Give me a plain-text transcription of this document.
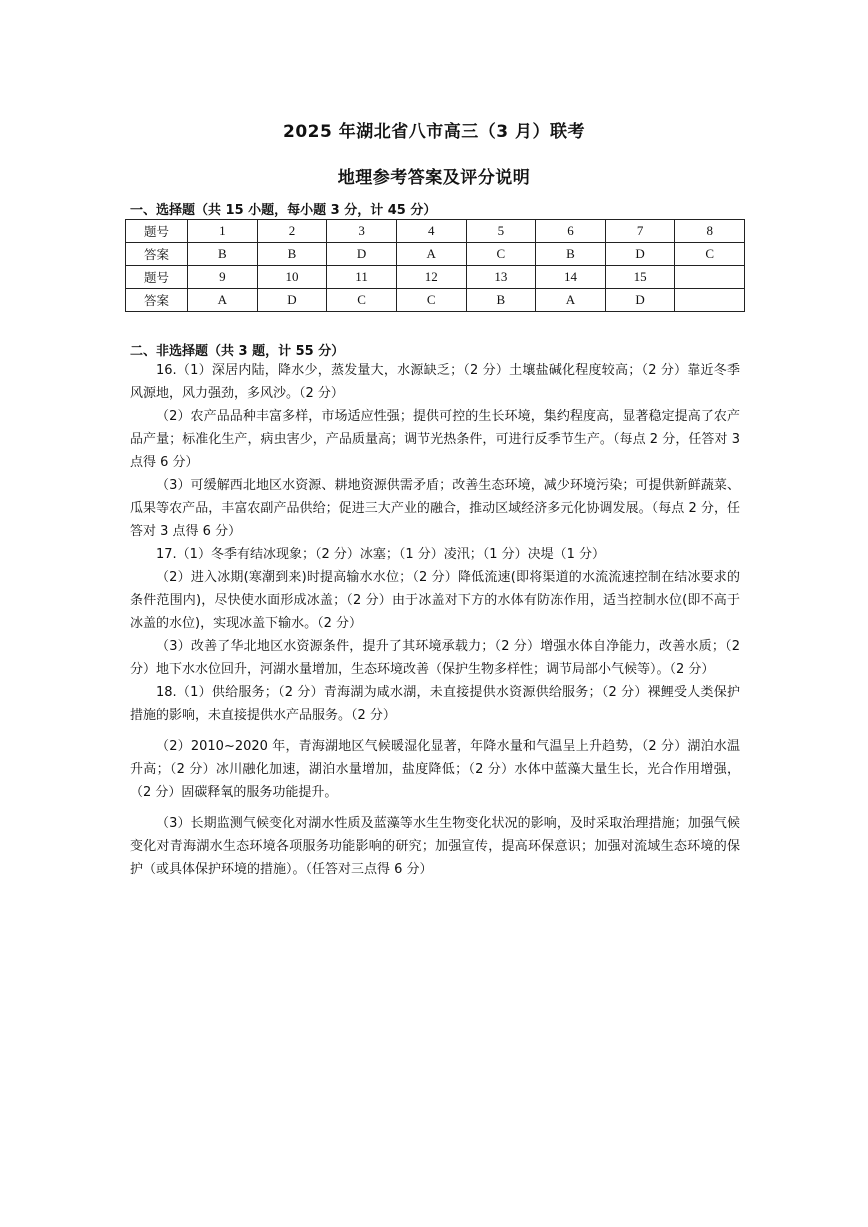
2025 年湖北省八市高三（3 月）联考
地理参考答案及评分说明
一、选择题（共 15 小题，每小题 3 分，计 45 分）
题号	1	2	3	4	5	6	7	8
答案	B	B	D	A	C	B	D	C
题号	9	10	11	12	13	14	15	
答案	A	D	C	C	B	A	D	
二、非选择题（共 3 题，计 55 分）

16.（1）深居内陆，降水少，蒸发量大，水源缺乏；（2 分）土壤盐碱化程度较高；（2 分）靠近冬季风源地，风力强劲，多风沙。（2 分）

（2）农产品品种丰富多样，市场适应性强；提供可控的生长环境，集约程度高，显著稳定提高了农产品产量；标准化生产，病虫害少，产品质量高；调节光热条件，可进行反季节生产。（每点 2 分，任答对 3 点得 6 分）

（3）可缓解西北地区水资源、耕地资源供需矛盾；改善生态环境，减少环境污染；可提供新鲜蔬菜、瓜果等农产品，丰富农副产品供给；促进三大产业的融合，推动区域经济多元化协调发展。（每点 2 分，任答对 3 点得 6 分）

17.（1）冬季有结冰现象；（2 分）冰塞；（1 分）凌汛；（1 分）决堤（1 分）

（2）进入冰期(寒潮到来)时提高输水水位；（2 分）降低流速(即将渠道的水流流速控制在结冰要求的条件范围内)，尽快使水面形成冰盖；（2 分）由于冰盖对下方的水体有防冻作用，适当控制水位(即不高于冰盖的水位)，实现冰盖下输水。（2 分）

（3）改善了华北地区水资源条件，提升了其环境承载力；（2 分）增强水体自净能力，改善水质；（2 分）地下水水位回升，河湖水量增加，生态环境改善（保护生物多样性；调节局部小气候等）。（2 分）

18.（1）供给服务；（2 分）青海湖为咸水湖，未直接提供水资源供给服务；（2 分）裸鲤受人类保护措施的影响，未直接提供水产品服务。（2 分）

（2）2010~2020 年，青海湖地区气候暖湿化显著，年降水量和气温呈上升趋势，（2 分）湖泊水温升高；（2 分）冰川融化加速，湖泊水量增加，盐度降低；（2 分）水体中蓝藻大量生长，光合作用增强，（2 分）固碳释氧的服务功能提升。

（3）长期监测气候变化对湖水性质及蓝藻等水生生物变化状况的影响，及时采取治理措施；加强气候变化对青海湖水生态环境各项服务功能影响的研究；加强宣传，提高环保意识；加强对流域生态环境的保护（或具体保护环境的措施）。（任答对三点得 6 分）
